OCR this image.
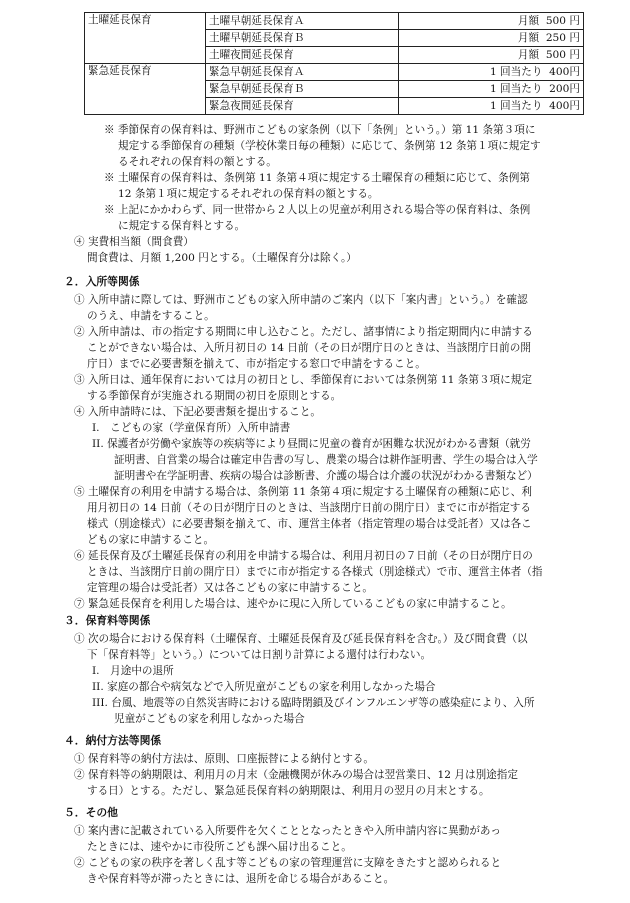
土曜延長保育	土曜早朝延長保育Ａ	月額 500 円
	土曜早朝延長保育Ｂ	月額 250 円
	土曜夜間延長保育	月額 500 円
緊急延長保育	緊急早朝延長保育Ａ	1 回当たり 400円
	緊急早朝延長保育Ｂ	1 回当たり 200円
	緊急夜間延長保育	1 回当たり 400円
※ 季節保育の保育料は、野洲市こどもの家条例（以下「条例」という。）第 11 条第３項に
規定する季節保育の種類（学校休業日毎の種類）に応じて、条例第 12 条第１項に規定す
るそれぞれの保育料の額とする。
※ 土曜保育の保育料は、条例第 11 条第４項に規定する土曜保育の種類に応じて、条例第
12 条第１項に規定するそれぞれの保育料の額とする。
※ 上記にかかわらず、同一世帯から２人以上の児童が利用される場合等の保育料は、条例
に規定する保育料とする。
④ 実費相当額（間食費）
間食費は、月額 1,200 円とする。（土曜保育分は除く。）
２．入所等関係
① 入所申請に際しては、野洲市こどもの家入所申請のご案内（以下「案内書」という。）を確認
のうえ、申請をすること。
② 入所申請は、市の指定する期間に申し込むこと。ただし、諸事情により指定期間内に申請する
ことができない場合は、入所月初日の 14 日前（その日が閉庁日のときは、当該閉庁日前の開
庁日）までに必要書類を揃えて、市が指定する窓口で申請をすること。
③ 入所日は、通年保育においては月の初日とし、季節保育においては条例第 11 条第３項に規定
する季節保育が実施される期間の初日を原則とする。
④ 入所申請時には、下記必要書類を提出すること。
I.　こどもの家（学童保育所）入所申請書
II. 保護者が労働や家族等の疾病等により昼間に児童の養育が困難な状況がわかる書類（就労
証明書、自営業の場合は確定申告書の写し、農業の場合は耕作証明書、学生の場合は入学
証明書や在学証明書、疾病の場合は診断書、介護の場合は介護の状況がわかる書類など）
⑤ 土曜保育の利用を申請する場合は、条例第 11 条第４項に規定する土曜保育の種類に応じ、利
用月初日の 14 日前（その日が閉庁日のときは、当該閉庁日前の開庁日）までに市が指定する
様式（別途様式）に必要書類を揃えて、市、運営主体者（指定管理の場合は受託者）又は各こ
どもの家に申請すること。
⑥ 延長保育及び土曜延長保育の利用を申請する場合は、利用月初日の７日前（その日が閉庁日の
ときは、当該閉庁日前の開庁日）までに市が指定する各様式（別途様式）で市、運営主体者（指
定管理の場合は受託者）又は各こどもの家に申請すること。
⑦ 緊急延長保育を利用した場合は、速やかに現に入所しているこどもの家に申請すること。
３．保育料等関係
① 次の場合における保育料（土曜保育、土曜延長保育及び延長保育料を含む。）及び間食費（以
下「保育料等」という。）については日割り計算による還付は行わない。
I.　月途中の退所
II. 家庭の都合や病気などで入所児童がこどもの家を利用しなかった場合
III. 台風、地震等の自然災害時における臨時閉鎖及びインフルエンザ等の感染症により、入所
児童がこどもの家を利用しなかった場合
４．納付方法等関係
① 保育料等の納付方法は、原則、口座振替による納付とする。
② 保育料等の納期限は、利用月の月末（金融機関が休みの場合は翌営業日、12 月は別途指定
する日）とする。ただし、緊急延長保育料の納期限は、利用月の翌月の月末とする。
５．その他
① 案内書に記載されている入所要件を欠くこととなったときや入所申請内容に異動があっ
たときには、速やかに市役所こども課へ届け出ること。
② こどもの家の秩序を著しく乱す等こどもの家の管理運営に支障をきたすと認められると
きや保育料等が滞ったときには、退所を命じる場合があること。
